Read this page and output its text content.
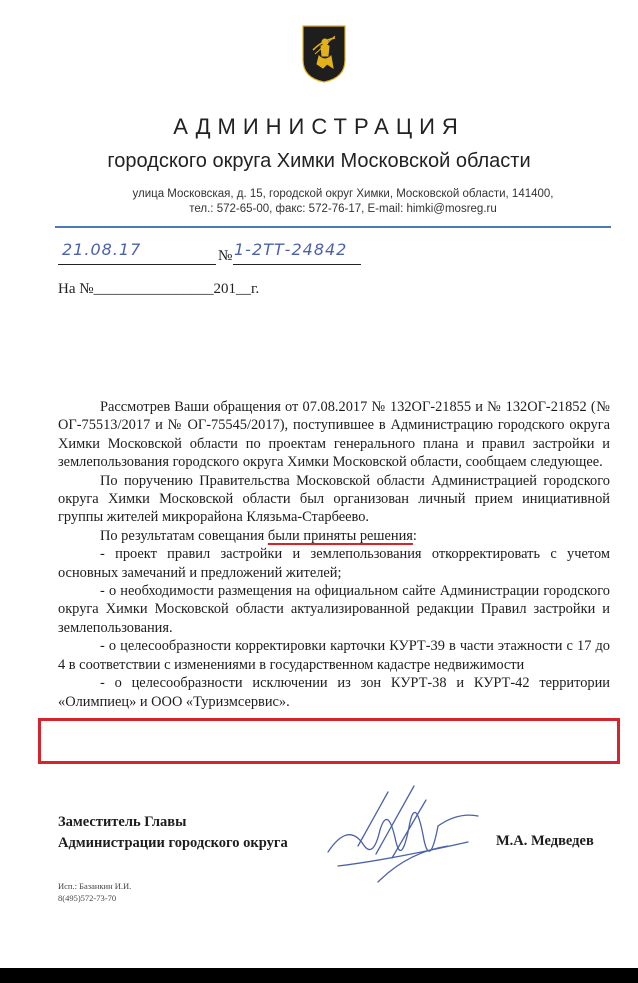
АДМИНИСТРАЦИЯ
городского округа Химки Московской области
улица Московская, д. 15, городской округ Химки, Московской области, 141400,
тел.: 572-65-00, факс: 572-76-17, E-mail: himki@mosreg.ru
21.08.17	№ 1-2ТТ-24842
На №________________201__г.

Рассмотрев Ваши обращения от 07.08.2017 № 132ОГ-21855 и № 132ОГ-21852 (№ ОГ-75513/2017 и № ОГ-75545/2017), поступившее в Администрацию городского округа Химки Московской области по проектам генерального плана и правил застройки и землепользования городского округа Химки Московской области, сообщаем следующее.

По поручению Правительства Московской области Администрацией городского округа Химки Московской области был организован личный прием инициативной группы жителей микрорайона Клязьма-Старбеево.

По результатам совещания были приняты решения:

- проект правил застройки и землепользования откорректировать с учетом основных замечаний и предложений жителей;

- о необходимости размещения на официальном сайте Администрации городского округа Химки Московской области актуализированной редакции Правил застройки и землепользования.

- о целесообразности корректировки карточки КУРТ-39 в части этажности с 17 до 4 в соответствии с изменениями в государственном кадастре недвижимости

- о целесообразности исключении из зон КУРТ-38 и КУРТ-42 территории «Олимпиец» и ООО «Туризмсервис».

Заместитель Главы
Администрации городского округа	М.А. Медведев
Исп.: Базанкин И.И.
8(495)572-73-70
